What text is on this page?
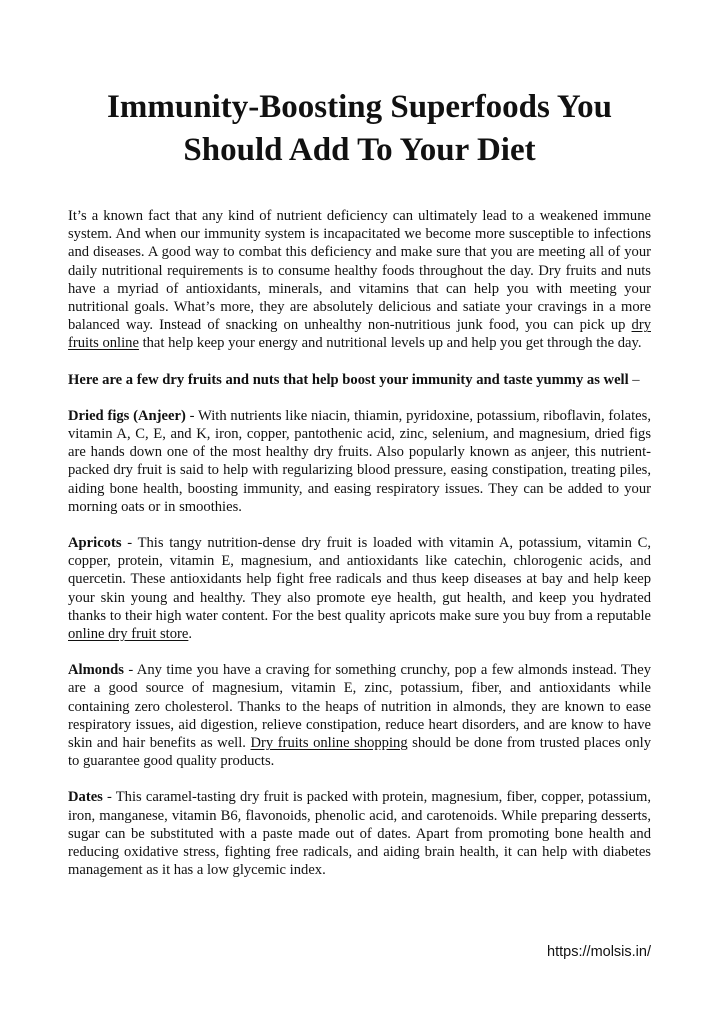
Immunity-Boosting Superfoods You
Should Add To Your Diet

It’s a known fact that any kind of nutrient deficiency can ultimately lead to a weakened immune system. And when our immunity system is incapacitated we become more susceptible to infections and diseases. A good way to combat this deficiency and make sure that you are meeting all of your daily nutritional requirements is to consume healthy foods throughout the day. Dry fruits and nuts have a myriad of antioxidants, minerals, and vitamins that can help you with meeting your nutritional goals. What’s more, they are absolutely delicious and satiate your cravings in a more balanced way. Instead of snacking on unhealthy non-nutritious junk food, you can pick up dry fruits online that help keep your energy and nutritional levels up and help you get through the day.

Here are a few dry fruits and nuts that help boost your immunity and taste yummy as well –

Dried figs (Anjeer) - With nutrients like niacin, thiamin, pyridoxine, potassium, riboflavin, folates, vitamin A, C, E, and K, iron, copper, pantothenic acid, zinc, selenium, and magnesium, dried figs are hands down one of the most healthy dry fruits. Also popularly known as anjeer, this nutrient-packed dry fruit is said to help with regularizing blood pressure, easing constipation, treating piles, aiding bone health, boosting immunity, and easing respiratory issues. They can be added to your morning oats or in smoothies.

Apricots - This tangy nutrition-dense dry fruit is loaded with vitamin A, potassium, vitamin C, copper, protein, vitamin E, magnesium, and antioxidants like catechin, chlorogenic acids, and quercetin. These antioxidants help fight free radicals and thus keep diseases at bay and help keep your skin young and healthy. They also promote eye health, gut health, and keep you hydrated thanks to their high water content. For the best quality apricots make sure you buy from a reputable online dry fruit store.

Almonds - Any time you have a craving for something crunchy, pop a few almonds instead. They are a good source of magnesium, vitamin E, zinc, potassium, fiber, and antioxidants while containing zero cholesterol. Thanks to the heaps of nutrition in almonds, they are known to ease respiratory issues, aid digestion, relieve constipation, reduce heart disorders, and are know to have skin and hair benefits as well. Dry fruits online shopping should be done from trusted places only to guarantee good quality products.

Dates - This caramel-tasting dry fruit is packed with protein, magnesium, fiber, copper, potassium, iron, manganese, vitamin B6, flavonoids, phenolic acid, and carotenoids. While preparing desserts, sugar can be substituted with a paste made out of dates. Apart from promoting bone health and reducing oxidative stress, fighting free radicals, and aiding brain health, it can help with diabetes management as it has a low glycemic index.

https://molsis.in/
